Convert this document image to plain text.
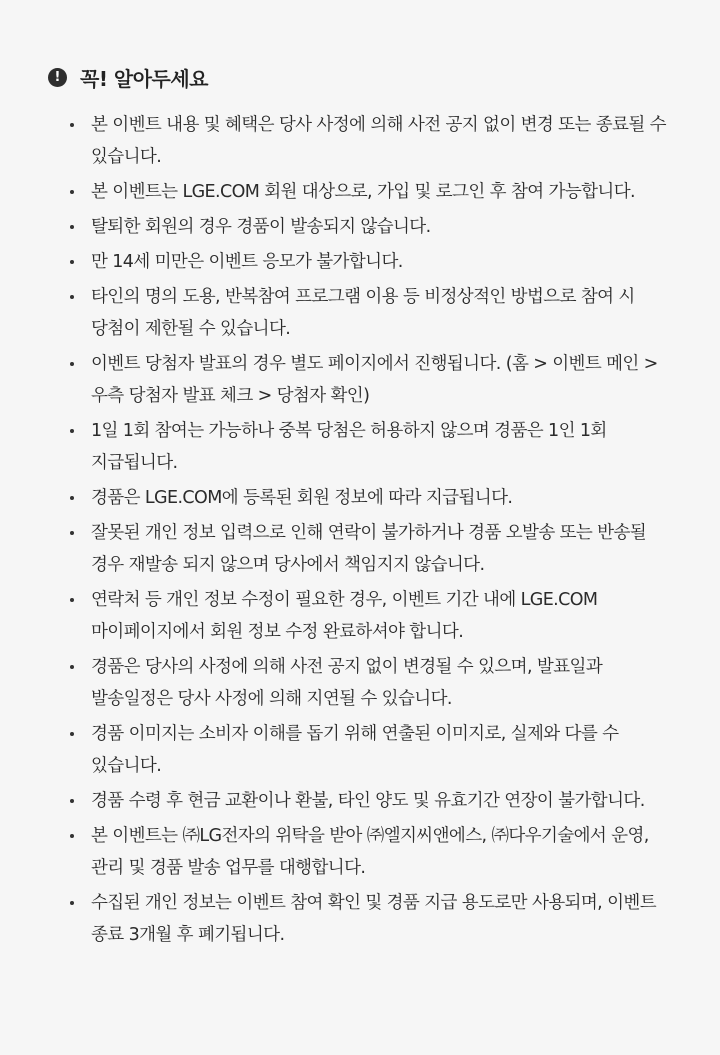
! 꼭! 알아두세요
본 이벤트 내용 및 혜택은 당사 사정에 의해 사전 공지 없이 변경 또는 종료될 수 있습니다.
본 이벤트는 LGE.COM 회원 대상으로, 가입 및 로그인 후 참여 가능합니다.
탈퇴한 회원의 경우 경품이 발송되지 않습니다.
만 14세 미만은 이벤트 응모가 불가합니다.
타인의 명의 도용, 반복참여 프로그램 이용 등 비정상적인 방법으로 참여 시 당첨이 제한될 수 있습니다.
이벤트 당첨자 발표의 경우 별도 페이지에서 진행됩니다. (홈 > 이벤트 메인 > 우측 당첨자 발표 체크 > 당첨자 확인)
1일 1회 참여는 가능하나 중복 당첨은 허용하지 않으며 경품은 1인 1회 지급됩니다.
경품은 LGE.COM에 등록된 회원 정보에 따라 지급됩니다.
잘못된 개인 정보 입력으로 인해 연락이 불가하거나 경품 오발송 또는 반송될 경우 재발송 되지 않으며 당사에서 책임지지 않습니다.
연락처 등 개인 정보 수정이 필요한 경우, 이벤트 기간 내에 LGE.COM 마이페이지에서 회원 정보 수정 완료하셔야 합니다.
경품은 당사의 사정에 의해 사전 공지 없이 변경될 수 있으며, 발표일과 발송일정은 당사 사정에 의해 지연될 수 있습니다.
경품 이미지는 소비자 이해를 돕기 위해 연출된 이미지로, 실제와 다를 수 있습니다.
경품 수령 후 현금 교환이나 환불, 타인 양도 및 유효기간 연장이 불가합니다.
본 이벤트는 ㈜LG전자의 위탁을 받아 ㈜엘지씨앤에스, ㈜다우기술에서 운영, 관리 및 경품 발송 업무를 대행합니다.
수집된 개인 정보는 이벤트 참여 확인 및 경품 지급 용도로만 사용되며, 이벤트 종료 3개월 후 폐기됩니다.
